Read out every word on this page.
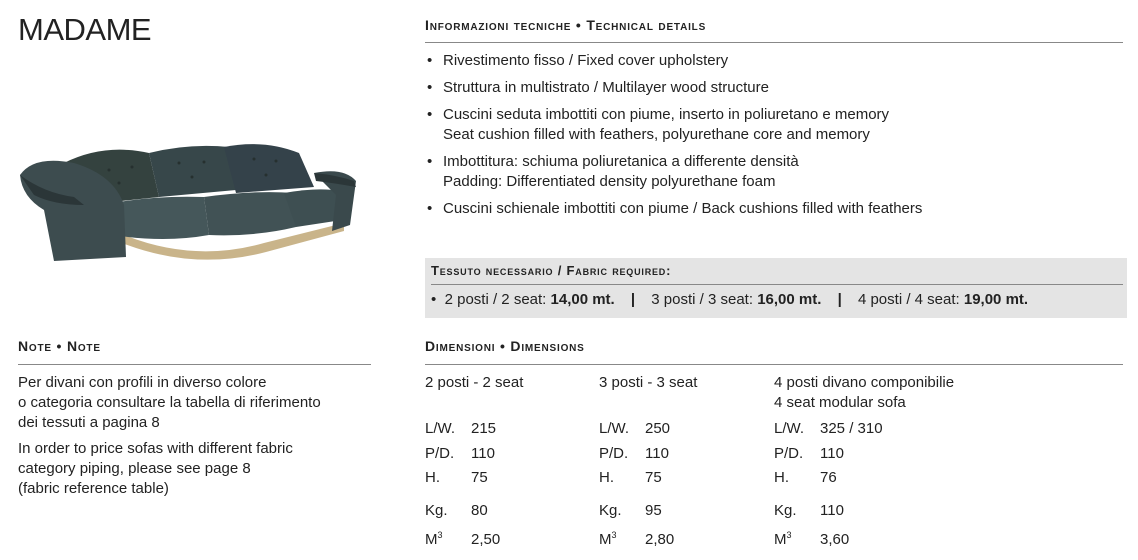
MADAME	Informazioni tecniche • Technical details
• Rivestimento fisso / Fixed cover upholstery
• Struttura in multistrato / Multilayer wood structure
• Cuscini seduta imbottiti con piume, inserto in poliuretano e memory
Seat cushion filled with feathers, polyurethane core and memory
• Imbottitura: schiuma poliuretanica a differente densità
Padding: Differentiated density polyurethane foam
• Cuscini schienale imbottiti con piume / Back cushions filled with feathers
Tessuto necessario / Fabric required:
• 2 posti / 2 seat: 14,00 mt. | 3 posti / 3 seat: 16,00 mt. | 4 posti / 4 seat: 19,00 mt.
Note • Note

Per divani con profili in diverso colore
o categoria consultare la tabella di riferimento
dei tessuti a pagina 8

In order to price sofas with different fabric
category piping, please see page 8
(fabric reference table)

Dimensioni • Dimensions
2 posti - 2 seat
L/W. 215
P/D. 110
H. 75
Kg. 80
$M^3$ 2,50
3 posti - 3 seat
L/W. 250
P/D. 110
H. 75
Kg. 95
$M^3$ 2,80
4 posti divano componibilie
4 seat modular sofa
L/W. 325 / 310
P/D. 110
H. 76
Kg. 110
$M^3$ 3,60
